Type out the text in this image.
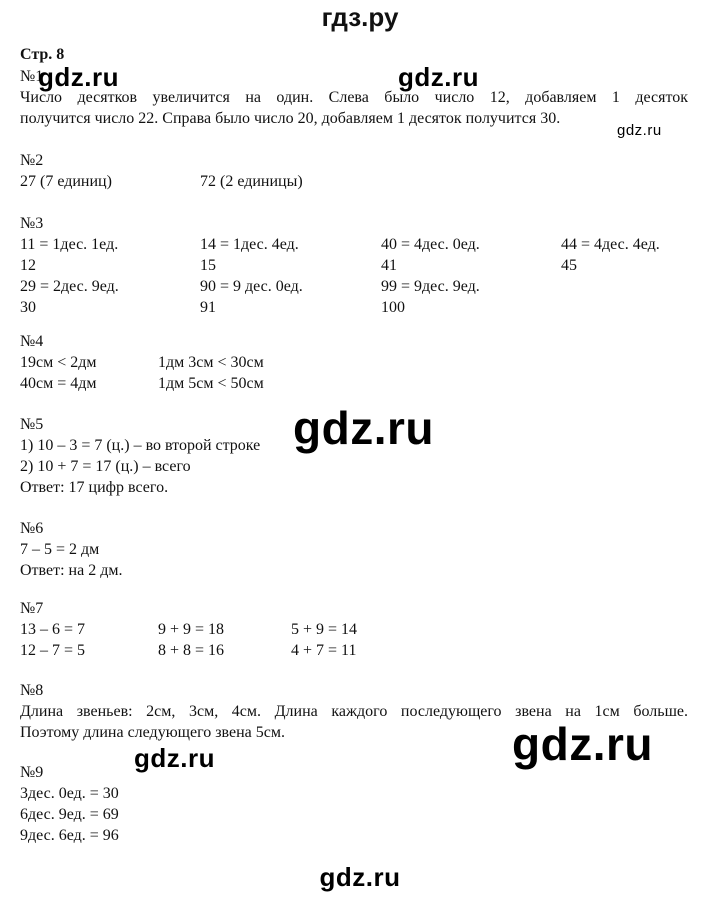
гдз.ру
Стр. 8
№1
gdz.ru	gdz.ru
Число десятков увеличится на один. Слева было число 12, добавляем 1 десяток
получится число 22. Справа было число 20, добавляем 1 десяток получится 30.
gdz.ru
№2
27 (7 единиц)	72 (2 единицы)
№3
11 = 1дес. 1ед.	14 = 1дес. 4ед.	40 = 4дес. 0ед.	44 = 4дес. 4ед.
12	15	41	45
29 = 2дес. 9ед.	90 = 9 дес. 0ед.	99 = 9дес. 9ед.
30	91	100
№4
19см < 2дм	1дм 3см < 30см
40см = 4дм	1дм 5см < 50см
№5	gdz.ru
1) 10 – 3 = 7 (ц.) – во второй строке
2) 10 + 7 = 17 (ц.) – всего
Ответ: 17 цифр всего.
№6
7 – 5 = 2 дм
Ответ: на 2 дм.
№7
13 – 6 = 7	9 + 9 = 18	5 + 9 = 14
12 – 7 = 5	8 + 8 = 16	4 + 7 = 11
№8
Длина звеньев: 2см, 3см, 4см. Длина каждого последующего звена на 1см больше.
Поэтому длина следующего звена 5см.	gdz.ru
gdz.ru
№9
3дес. 0ед. = 30
6дес. 9ед. = 69
9дес. 6ед. = 96
gdz.ru
